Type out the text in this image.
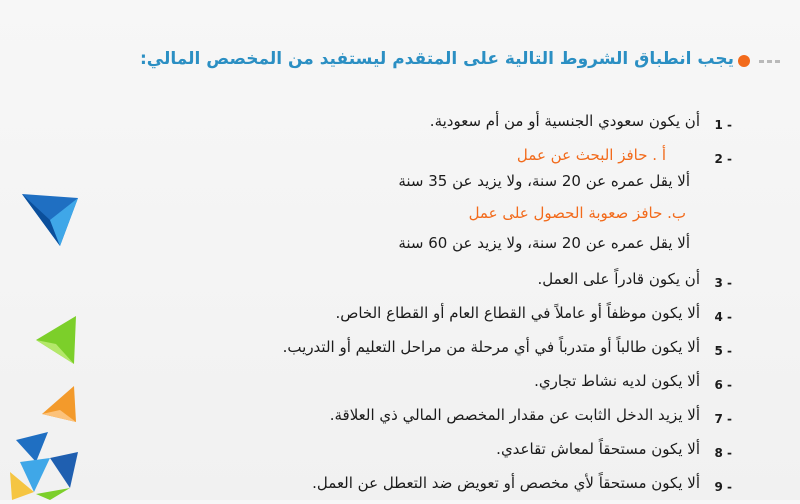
يجب انطباق الشروط التالية على المتقدم ليستفيد من المخصص المالي:
1 -
أن يكون سعودي الجنسية أو من أم سعودية.
2 -
أ . حافز البحث عن عمل
ألا يقل عمره عن 20 سنة، ولا يزيد عن 35 سنة
ب. حافز صعوبة الحصول على عمل
ألا يقل عمره عن 20 سنة، ولا يزيد عن 60 سنة
3 -
أن يكون قادراً على العمل.
4 -
ألا يكون موظفاً أو عاملاً في القطاع العام أو القطاع الخاص.
5 -
ألا يكون طالباً أو متدرباً في أي مرحلة من مراحل التعليم أو التدريب.
6 -
ألا يكون لديه نشاط تجاري.
7 -
ألا يزيد الدخل الثابت عن مقدار المخصص المالي ذي العلاقة.
8 -
ألا يكون مستحقاً لمعاش تقاعدي.
9 -
ألا يكون مستحقاً لأي مخصص أو تعويض ضد التعطل عن العمل.
